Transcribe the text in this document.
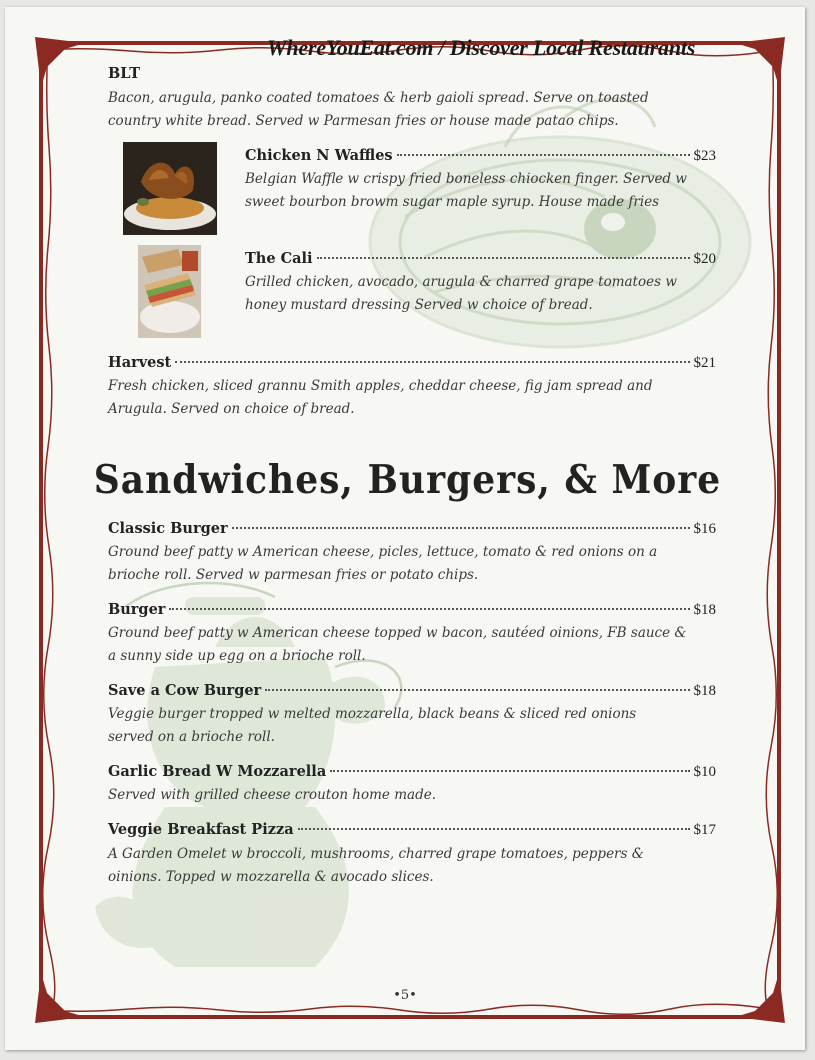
WhereYouEat.com / Discover Local Restaurants
BLT
Bacon, arugula, panko coated tomatoes & herb gaioli spread. Serve on toasted country white bread. Served w Parmesan fries or house made patao chips.
Chicken N Waffles	$23
Belgian Waffle w crispy fried boneless chiocken finger. Served w sweet bourbon browm sugar maple syrup. House made fries
The Cali	$20
Grilled chicken, avocado, arugula & charred grape tomatoes w honey mustard dressing Served w choice of bread.
Harvest	$21
Fresh chicken, sliced grannu Smith apples, cheddar cheese, fig jam spread and Arugula. Served on choice of bread.
Sandwiches, Burgers, & More
Classic Burger	$16
Ground beef patty w American cheese, picles, lettuce, tomato & red onions on a brioche roll. Served w parmesan fries or potato chips.
Burger	$18
Ground beef patty w American cheese topped w bacon, sautéed oinions, FB sauce & a sunny side up egg on a brioche roll.
Save a Cow Burger	$18
Veggie burger tropped w melted mozzarella, black beans & sliced red onions served on a brioche roll.
Garlic Bread W Mozzarella	$10
Served with grilled cheese crouton home made.
Veggie Breakfast Pizza	$17
A Garden Omelet w broccoli, mushrooms, charred grape tomatoes, peppers & oinions. Topped w mozzarella & avocado slices.
•5•
